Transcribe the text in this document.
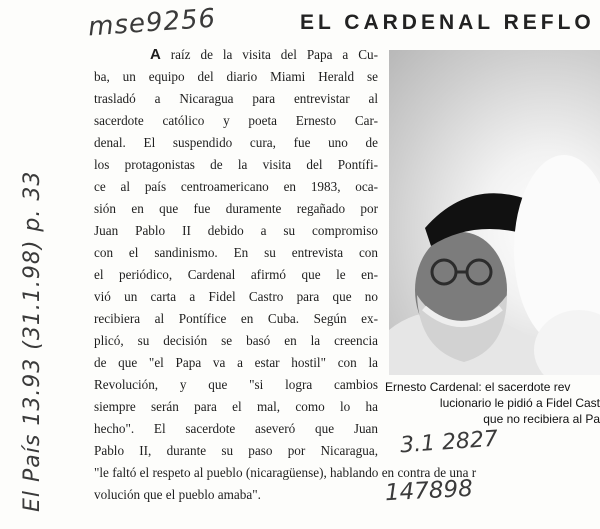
mse9256
El País 13.93 (31.1.98) p. 33
EL CARDENAL REFLO
A raíz de la visita del Papa a Cu-
ba, un equipo del diario Miami Herald se
trasladó a Nicaragua para entrevistar al
sacerdote católico y poeta Ernesto Car-
denal. El suspendido cura, fue uno de
los protagonistas de la visita del Pontífi-
ce al país centroamericano en 1983, oca-
sión en que fue duramente regañado por
Juan Pablo II debido a su compromiso
con el sandinismo. En su entrevista con
el periódico, Cardenal afirmó que le en-
vió un carta a Fidel Castro para que no
recibiera al Pontífice en Cuba. Según ex-
plicó, su decisión se basó en la creencia
de que "el Papa va a estar hostil" con la
Revolución, y que "si logra cambios
siempre serán para el mal, como lo ha
hecho". El sacerdote aseveró que Juan
Pablo II, durante su paso por Nicaragua,
"le faltó el respeto al pueblo (nicaragüense), hablando en contra de una r
volución que el pueblo amaba".
Ernesto Cardenal: el sacerdote rev
lucionario le pidió a Fidel Cast
que no recibiera al Pa
3.1 2827
147898
